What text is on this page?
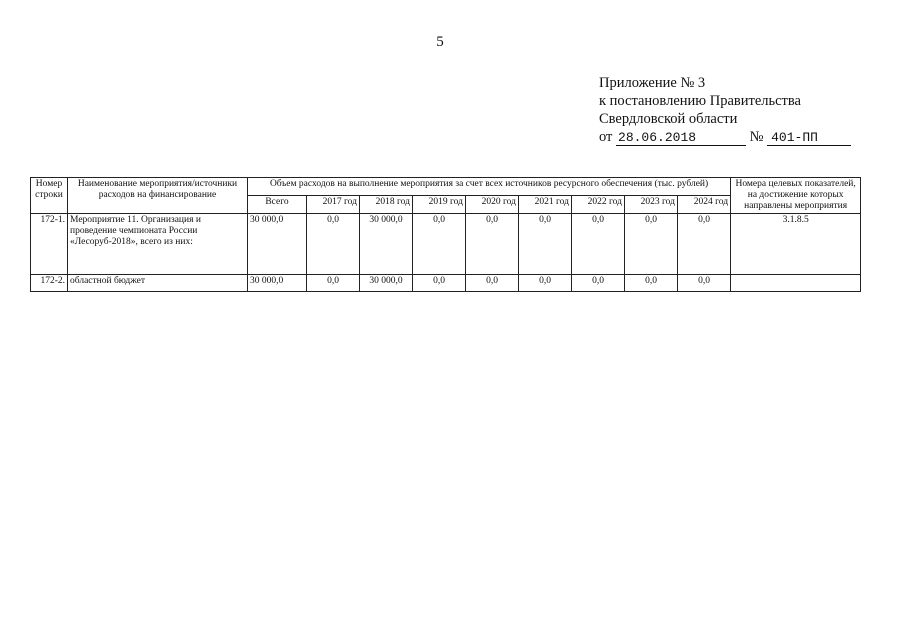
5
Приложение № 3
к постановлению Правительства
Свердловской области
от 28.06.2018	№ 401-ПП
Номер строки	Наименование мероприятия/источники расходов на финансирование	Объем расходов на выполнение мероприятия за счет всех источников ресурсного обеспечения (тыс. рублей)									Номера целевых показателей, на достижение которых направлены мероприятия
		Всего	2017 год	2018 год	2019 год	2020 год	2021 год	2022 год	2023 год	2024 год	
172-1.	Мероприятие 11. Организация и проведение чемпионата России «Лесоруб-2018», всего из них:	30 000,0	0,0	30 000,0	0,0	0,0	0,0	0,0	0,0	0,0	3.1.8.5
172-2.	областной бюджет	30 000,0	0,0	30 000,0	0,0	0,0	0,0	0,0	0,0	0,0	
